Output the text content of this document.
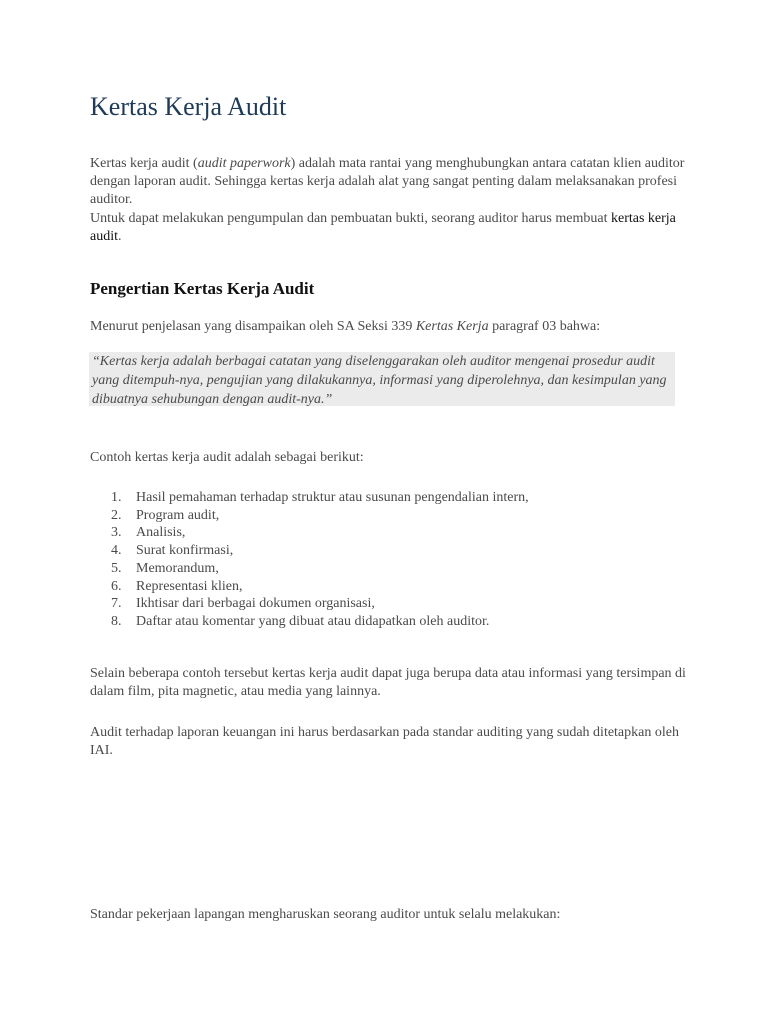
Kertas Kerja Audit

Kertas kerja audit (audit paperwork) adalah mata rantai yang menghubungkan antara catatan klien auditor dengan laporan audit. Sehingga kertas kerja adalah alat yang sangat penting dalam melaksanakan profesi auditor.

Untuk dapat melakukan pengumpulan dan pembuatan bukti, seorang auditor harus membuat kertas kerja audit.

Pengertian Kertas Kerja Audit

Menurut penjelasan yang disampaikan oleh SA Seksi 339 Kertas Kerja paragraf 03 bahwa:

“Kertas kerja adalah berbagai catatan yang diselenggarakan oleh auditor mengenai prosedur audit yang ditempuh-nya, pengujian yang dilakukannya, informasi yang diperolehnya, dan kesimpulan yang dibuatnya sehubungan dengan audit-nya.”

Contoh kertas kerja audit adalah sebagai berikut:

1. Hasil pemahaman terhadap struktur atau susunan pengendalian intern,
2. Program audit,
3. Analisis,
4. Surat konfirmasi,
5. Memorandum,
6. Representasi klien,
7. Ikhtisar dari berbagai dokumen organisasi,
8. Daftar atau komentar yang dibuat atau didapatkan oleh auditor.

Selain beberapa contoh tersebut kertas kerja audit dapat juga berupa data atau informasi yang tersimpan di dalam film, pita magnetic, atau media yang lainnya.

Audit terhadap laporan keuangan ini harus berdasarkan pada standar auditing yang sudah ditetapkan oleh IAI.

Standar pekerjaan lapangan mengharuskan seorang auditor untuk selalu melakukan:
